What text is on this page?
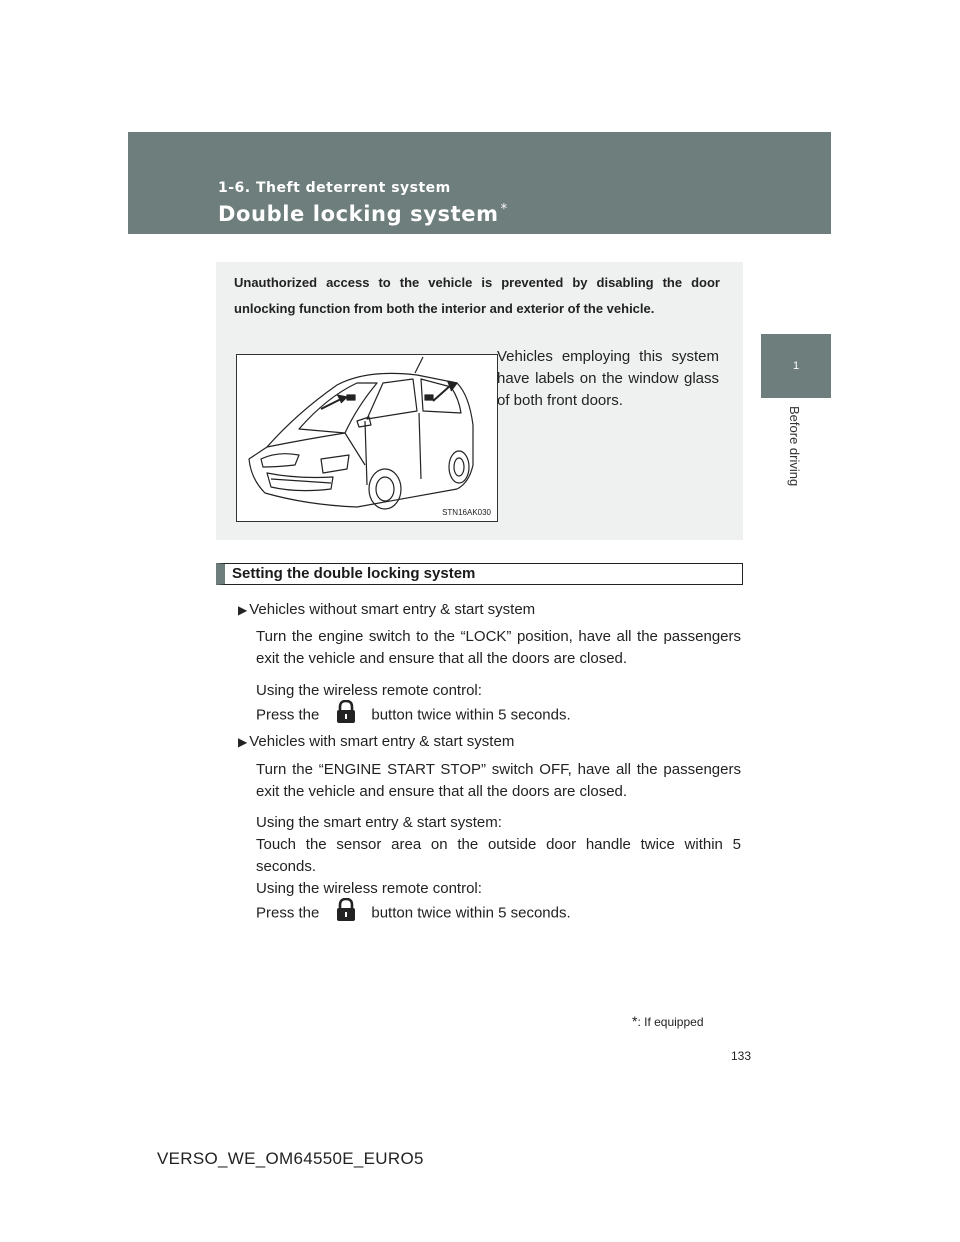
1-6. Theft deterrent system
Double locking system *
1
Before driving
Unauthorized access to the vehicle is prevented by disabling the door unlocking function from both the interior and exterior of the vehicle.
STN16AK030
Vehicles employing this system have labels on the window glass of both front doors.
Setting the double locking system
▶ Vehicles without smart entry & start system
Turn the engine switch to the “LOCK” position, have all the passengers exit the vehicle and ensure that all the doors are closed.
Using the wireless remote control:
Press the	button twice within 5 seconds.
▶ Vehicles with smart entry & start system
Turn the “ENGINE START STOP” switch OFF, have all the passengers exit the vehicle and ensure that all the doors are closed.
Using the smart entry & start system:
Touch the sensor area on the outside door handle twice within 5 seconds.
Using the wireless remote control:
Press the	button twice within 5 seconds.
*: If equipped
133
VERSO_WE_OM64550E_EURO5
